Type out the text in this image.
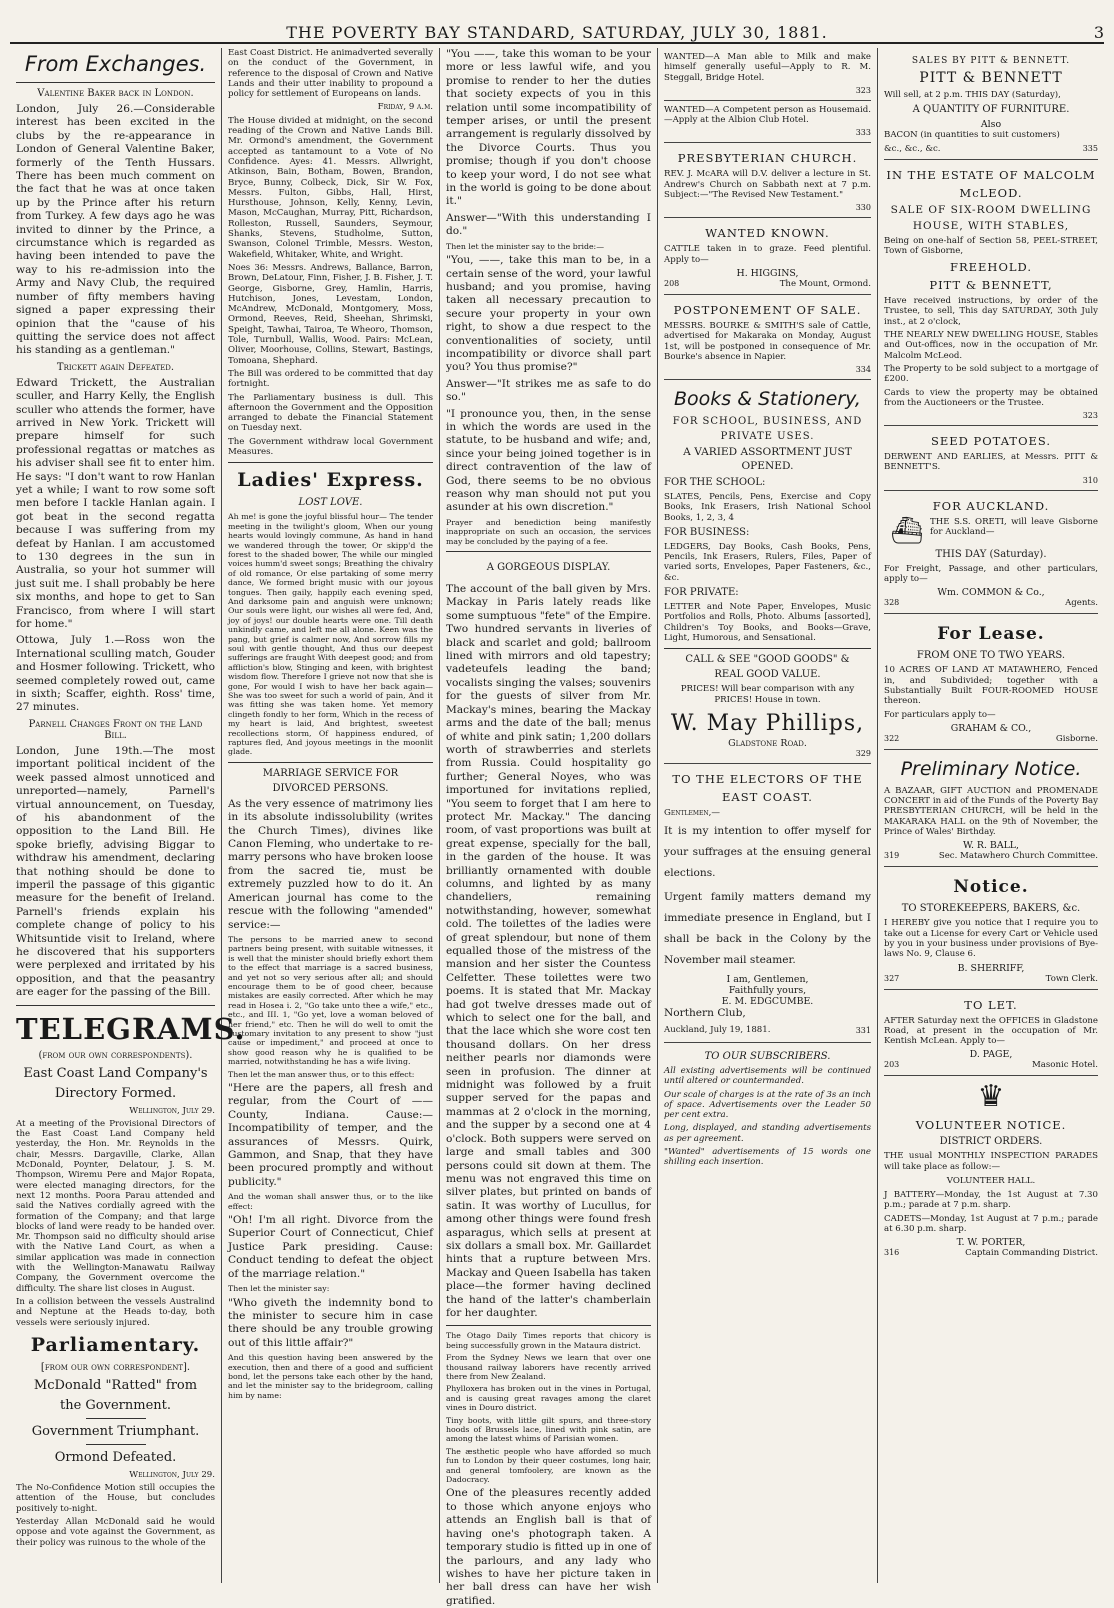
THE POVERTY BAY STANDARD, SATURDAY, JULY 30, 1881.	3
From Exchanges.
Valentine Baker back in London.

London, July 26.—Considerable interest has been excited in the clubs by the re-appearance in London of General Valentine Baker, formerly of the Tenth Hussars. There has been much comment on the fact that he was at once taken up by the Prince after his return from Turkey. A few days ago he was invited to dinner by the Prince, a circumstance which is regarded as having been intended to pave the way to his re-admission into the Army and Navy Club, the required number of fifty members having signed a paper expressing their opinion that the "cause of his quitting the service does not affect his standing as a gentleman."

Trickett again Defeated.

Edward Trickett, the Australian sculler, and Harry Kelly, the English sculler who attends the former, have arrived in New York. Trickett will prepare himself for such professional regattas or matches as his adviser shall see fit to enter him. He says: "I don't want to row Hanlan yet a while; I want to row some soft men before I tackle Hanlan again. I got beat in the second regatta because I was suffering from my defeat by Hanlan. I am accustomed to 130 degrees in the sun in Australia, so your hot summer will just suit me. I shall probably be here six months, and hope to get to San Francisco, from where I will start for home."

Ottowa, July 1.—Ross won the International sculling match, Gouder and Hosmer following. Trickett, who seemed completely rowed out, came in sixth; Scaffer, eighth. Ross' time, 27 minutes.

Parnell Changes Front on the Land Bill.

London, June 19th.—The most important political incident of the week passed almost unnoticed and unreported—namely, Parnell's virtual announcement, on Tuesday, of his abandonment of the opposition to the Land Bill. He spoke briefly, advising Biggar to withdraw his amendment, declaring that nothing should be done to imperil the passage of this gigantic measure for the benefit of Ireland. Parnell's friends explain his complete change of policy to his Whitsuntide visit to Ireland, where he discovered that his supporters were perplexed and irritated by his opposition, and that the peasantry are eager for the passing of the Bill.

TELEGRAMS.
(from our own correspondents).
East Coast Land Company's
Directory Formed.

Wellington, July 29.

At a meeting of the Provisional Directors of the East Coast Land Company held yesterday, the Hon. Mr. Reynolds in the chair, Messrs. Dargaville, Clarke, Allan McDonald, Poynter, Delatour, J. S. M. Thompson, Wiremu Pere and Major Ropata, were elected managing directors, for the next 12 months. Poora Parau attended and said the Natives cordially agreed with the formation of the Company; and that large blocks of land were ready to be handed over. Mr. Thompson said no difficulty should arise with the Native Land Court, as when a similar application was made in connection with the Wellington-Manawatu Railway Company, the Government overcome the difficulty. The share list closes in August.

In a collision between the vessels Australind and Neptune at the Heads to-day, both vessels were seriously injured.

Parliamentary.
[from our own correspondent].
McDonald "Ratted" from
the Government.
Government Triumphant.
Ormond Defeated.

Wellington, July 29.

The No-Confidence Motion still occupies the attention of the House, but concludes positively to-night.

Yesterday Allan McDonald said he would oppose and vote against the Government, as their policy was ruinous to the whole of the

East Coast District. He animadverted severally on the conduct of the Government, in reference to the disposal of Crown and Native Lands and their utter inability to propound a policy for settlement of Europeans on lands.

Friday, 9 a.m.

The House divided at midnight, on the second reading of the Crown and Native Lands Bill. Mr. Ormond's amendment, the Government accepted as tantamount to a Vote of No Confidence. Ayes: 41. Messrs. Allwright, Atkinson, Bain, Botham, Bowen, Brandon, Bryce, Bunny, Colbeck, Dick, Sir W. Fox, Messrs. Fulton, Gibbs, Hall, Hirst, Hursthouse, Johnson, Kelly, Kenny, Levin, Mason, McCaughan, Murray, Pitt, Richardson, Rolleston, Russell, Saunders, Seymour, Shanks, Stevens, Studholme, Sutton, Swanson, Colonel Trimble, Messrs. Weston, Wakefield, Whitaker, White, and Wright.

Noes 36: Messrs. Andrews, Ballance, Barron, Brown, DeLatour, Finn, Fisher, J. B. Fisher, J. T. George, Gisborne, Grey, Hamlin, Harris, Hutchison, Jones, Levestam, London, McAndrew, McDonald, Montgomery, Moss, Ormond, Reeves, Reid, Sheehan, Shrimski, Speight, Tawhai, Tairoa, Te Wheoro, Thomson, Tole, Turnbull, Wallis, Wood. Pairs: McLean, Oliver, Moorhouse, Collins, Stewart, Bastings, Tomoana, Shephard.

The Bill was ordered to be committed that day fortnight.

The Parliamentary business is dull. This afternoon the Government and the Opposition arranged to debate the Financial Statement on Tuesday next.

The Government withdraw local Government Measures.

Ladies' Express.
LOST LOVE.

Ah me! is gone the joyful blissful hour— The tender meeting in the twilight's gloom, When our young hearts would lovingly commune, As hand in hand we wandered through the tower, Or skipp'd the forest to the shaded bower, The while our mingled voices humm'd sweet songs; Breathing the chivalry of old romance, Or else partaking of some merry dance, We formed bright music with our joyous tongues. Then gaily, happily each evening sped, And darksome pain and anguish were unknown; Our souls were light, our wishes all were fed, And, joy of joys! our double hearts were one. Till death unkindly came, and left me all alone. Keen was the pang, but grief is calmer now, And sorrow fills my soul with gentle thought, And thus our deepest sufferings are fraught With deepest good; and from affliction's blow, Stinging and keen, with brightest wisdom flow. Therefore I grieve not now that she is gone, For would I wish to have her back again— She was too sweet for such a world of pain, And it was fitting she was taken home. Yet memory clingeth fondly to her form, Which in the recess of my heart is laid, And brightest, sweetest recollections storm, Of happiness endured, of raptures fled, And joyous meetings in the moonlit glade.

MARRIAGE SERVICE FOR
DIVORCED PERSONS.

As the very essence of matrimony lies in its absolute indissolubility (writes the Church Times), divines like Canon Fleming, who undertake to re-marry persons who have broken loose from the sacred tie, must be extremely puzzled how to do it. An American journal has come to the rescue with the following "amended" service:—

The persons to be married anew to second partners being present, with suitable witnesses, it is well that the minister should briefly exhort them to the effect that marriage is a sacred business, and yet not so very serious after all; and should encourage them to be of good cheer, because mistakes are easily corrected. After which he may read in Hosea i. 2, "Go take unto thee a wife," etc., etc., and III. 1, "Go yet, love a woman beloved of her friend," etc. Then he will do well to omit the customary invitation to any present to show "just cause or impediment," and proceed at once to show good reason why he is qualified to be married, notwithstanding he has a wife living.

Then let the man answer thus, or to this effect:

"Here are the papers, all fresh and regular, from the Court of —— County, Indiana. Cause:—Incompatibility of temper, and the assurances of Messrs. Quirk, Gammon, and Snap, that they have been procured promptly and without publicity."

And the woman shall answer thus, or to the like effect:

"Oh! I'm all right. Divorce from the Superior Court of Connecticut, Chief Justice Park presiding. Cause: Conduct tending to defeat the object of the marriage relation."

Then let the minister say:

"Who giveth the indemnity bond to the minister to secure him in case there should be any trouble growing out of this little affair?"

And this question having been answered by the execution, then and there of a good and sufficient bond, let the persons take each other by the hand, and let the minister say to the bridegroom, calling him by name:

"You ——, take this woman to be your more or less lawful wife, and you promise to render to her the duties that society expects of you in this relation until some incompatibility of temper arises, or until the present arrangement is regularly dissolved by the Divorce Courts. Thus you promise; though if you don't choose to keep your word, I do not see what in the world is going to be done about it."

Answer—"With this understanding I do."

Then let the minister say to the bride:—

"You, ——, take this man to be, in a certain sense of the word, your lawful husband; and you promise, having taken all necessary precaution to secure your property in your own right, to show a due respect to the conventionalities of society, until incompatibility or divorce shall part you? You thus promise?"

Answer—"It strikes me as safe to do so."

"I pronounce you, then, in the sense in which the words are used in the statute, to be husband and wife; and, since your being joined together is in direct contravention of the law of God, there seems to be no obvious reason why man should not put you asunder at his own discretion."

Prayer and benediction being manifestly inappropriate on such an occasion, the services may be concluded by the paying of a fee.

A GORGEOUS DISPLAY.

The account of the ball given by Mrs. Mackay in Paris lately reads like some sumptuous "fete" of the Empire. Two hundred servants in liveries of black and scarlet and gold; ballroom lined with mirrors and old tapestry; vadeteufels leading the band; vocalists singing the valses; souvenirs for the guests of silver from Mr. Mackay's mines, bearing the Mackay arms and the date of the ball; menus of white and pink satin; 1,200 dollars worth of strawberries and sterlets from Russia. Could hospitality go further; General Noyes, who was importuned for invitations replied, "You seem to forget that I am here to protect Mr. Mackay." The dancing room, of vast proportions was built at great expense, specially for the ball, in the garden of the house. It was brilliantly ornamented with double columns, and lighted by as many chandeliers, remaining notwithstanding, however, somewhat cold. The toilettes of the ladies were of great splendour, but none of them equalled those of the mistress of the mansion and her sister the Countess Celfetter. These toilettes were two poems. It is stated that Mr. Mackay had got twelve dresses made out of which to select one for the ball, and that the lace which she wore cost ten thousand dollars. On her dress neither pearls nor diamonds were seen in profusion. The dinner at midnight was followed by a fruit supper served for the papas and mammas at 2 o'clock in the morning, and the supper by a second one at 4 o'clock. Both suppers were served on large and small tables and 300 persons could sit down at them. The menu was not engraved this time on silver plates, but printed on bands of satin. It was worthy of Lucullus, for among other things were found fresh asparagus, which sells at present at six dollars a small box. Mr. Gaillardet hints that a rupture between Mrs. Mackay and Queen Isabella has taken place—the former having declined the hand of the latter's chamberlain for her daughter.

The Otago Daily Times reports that chicory is being successfully grown in the Mataura district.

From the Sydney News we learn that over one thousand railway laborers have recently arrived there from New Zealand.

Phylloxera has broken out in the vines in Portugal, and is causing great ravages among the claret vines in Douro district.

Tiny boots, with little gilt spurs, and three-story hoods of Brussels lace, lined with pink satin, are among the latest whims of Parisian women.

The æsthetic people who have afforded so much fun to London by their queer costumes, long hair, and general tomfoolery, are known as the Dadocracy.

One of the pleasures recently added to those which anyone enjoys who attends an English ball is that of having one's photograph taken. A temporary studio is fitted up in one of the parlours, and any lady who wishes to have her picture taken in her ball dress can have her wish gratified.

WANTED—A Man able to Milk and make himself generally useful—Apply to R. M. Steggall, Bridge Hotel.

323

WANTED—A Competent person as Housemaid.—Apply at the Albion Club Hotel.

333
PRESBYTERIAN CHURCH.

REV. J. McARA will D.V. deliver a lecture in St. Andrew's Church on Sabbath next at 7 p.m. Subject:—"The Revised New Testament."

330
WANTED KNOWN.

CATTLE taken in to graze. Feed plentiful. Apply to—

H. HIGGINS,
208	The Mount, Ormond.
POSTPONEMENT OF SALE.

MESSRS. BOURKE & SMITH'S sale of Cattle, advertised for Makaraka on Monday, August 1st, will be postponed in consequence of Mr. Bourke's absence in Napier.

334
Books & Stationery,
FOR SCHOOL, BUSINESS, AND
PRIVATE USES.

A VARIED ASSORTMENT JUST OPENED.

FOR THE SCHOOL:

SLATES, Pencils, Pens, Exercise and Copy Books, Ink Erasers, Irish National School Books, 1, 2, 3, 4

FOR BUSINESS:

LEDGERS, Day Books, Cash Books, Pens, Pencils, Ink Erasers, Rulers, Files, Paper of varied sorts, Envelopes, Paper Fasteners, &c., &c.

FOR PRIVATE:

LETTER and Note Paper, Envelopes, Music Portfolios and Rolls, Photo. Albums [assorted], Children's Toy Books, and Books—Grave, Light, Humorous, and Sensational.

CALL & SEE "GOOD GOODS" &
REAL GOOD VALUE.

PRICES! Will bear comparison with any PRICES! House in town.

W. May Phillips,
Gladstone Road.
329
TO THE ELECTORS OF THE
EAST COAST.

Gentlemen,—

It is my intention to offer myself for your suffrages at the ensuing general elections.

Urgent family matters demand my immediate presence in England, but I shall be back in the Colony by the November mail steamer.

I am, Gentlemen,
Faithfully yours,
E. M. EDGCUMBE.

Northern Club,

Auckland, July 19, 1881.	331
TO OUR SUBSCRIBERS.

All existing advertisements will be continued until altered or countermanded.

Our scale of charges is at the rate of 3s an inch of space. Advertisements over the Leader 50 per cent extra.

Long, displayed, and standing advertisements as per agreement.

"Wanted" advertisements of 15 words one shilling each insertion.

SALES BY PITT & BENNETT.
PITT & BENNETT

Will sell, at 2 p.m. THIS DAY (Saturday),

A QUANTITY OF FURNITURE.
Also

BACON (in quantities to suit customers)

&c., &c., &c.	335
IN THE ESTATE OF MALCOLM
McLEOD.
SALE OF SIX-ROOM DWELLING
HOUSE, WITH STABLES,

Being on one-half of Section 58, PEEL-STREET, Town of Gisborne,

FREEHOLD.
PITT & BENNETT,

Have received instructions, by order of the Trustee, to sell, This day SATURDAY, 30th July inst., at 2 o'clock,

THE NEARLY NEW DWELLING HOUSE, Stables and Out-offices, now in the occupation of Mr. Malcolm McLeod.

The Property to be sold subject to a mortgage of £200.

Cards to view the property may be obtained from the Auctioneers or the Trustee.

323
SEED POTATOES.

DERWENT AND EARLIES, at Messrs. PITT & BENNETT'S.

310
FOR AUCKLAND.
⛴ THE S.S. ORETI, will leave Gisborne for Auckland—

THIS DAY (Saturday).

For Freight, Passage, and other particulars, apply to—

Wm. COMMON & Co.,
328	Agents.
For Lease.
FROM ONE TO TWO YEARS.

10 ACRES OF LAND AT MATAWHERO, Fenced in, and Subdivided; together with a Substantially Built FOUR-ROOMED HOUSE thereon.

For particulars apply to—

GRAHAM & CO.,
322	Gisborne.
Preliminary Notice.

A BAZAAR, GIFT AUCTION and PROMENADE CONCERT in aid of the Funds of the Poverty Bay PRESBYTERIAN CHURCH, will be held in the MAKARAKA HALL on the 9th of November, the Prince of Wales' Birthday.

W. R. BALL,
319	Sec. Matawhero Church Committee.
Notice.
TO STOREKEEPERS, BAKERS, &c.

I HEREBY give you notice that I require you to take out a License for every Cart or Vehicle used by you in your business under provisions of Bye-laws No. 9, Clause 6.

B. SHERRIFF,
327	Town Clerk.
TO LET.

AFTER Saturday next the OFFICES in Gladstone Road, at present in the occupation of Mr. Kentish McLean. Apply to—

D. PAGE,
203	Masonic Hotel.
♛
VOLUNTEER NOTICE.
DISTRICT ORDERS.

THE usual MONTHLY INSPECTION PARADES will take place as follow:—

VOLUNTEER HALL.

J BATTERY—Monday, the 1st August at 7.30 p.m.; parade at 7 p.m. sharp.

CADETS—Monday, 1st August at 7 p.m.; parade at 6.30 p.m. sharp.

T. W. PORTER,
316	Captain Commanding District.
